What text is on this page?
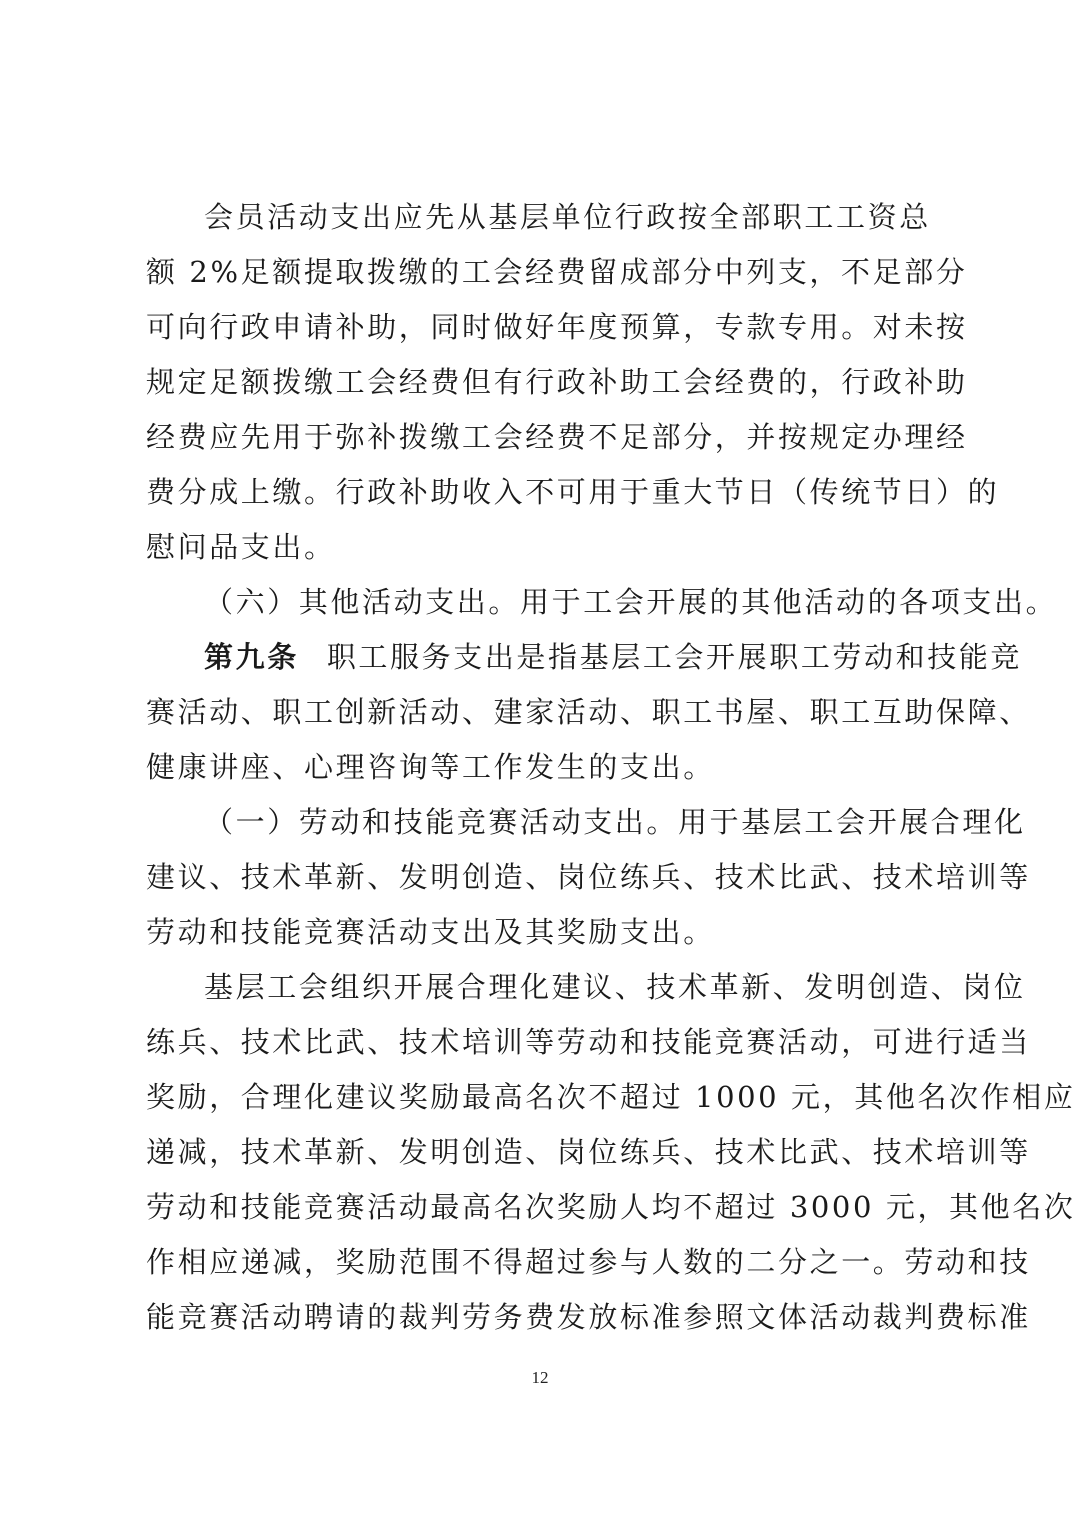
会员活动支出应先从基层单位行政按全部职工工资总
额 2%足额提取拨缴的工会经费留成部分中列支，不足部分
可向行政申请补助，同时做好年度预算，专款专用。对未按
规定足额拨缴工会经费但有行政补助工会经费的，行政补助
经费应先用于弥补拨缴工会经费不足部分，并按规定办理经
费分成上缴。行政补助收入不可用于重大节日（传统节日）的
慰问品支出。
（六）其他活动支出。用于工会开展的其他活动的各项支出。
第九条 职工服务支出是指基层工会开展职工劳动和技能竞
赛活动、职工创新活动、建家活动、职工书屋、职工互助保障、
健康讲座、心理咨询等工作发生的支出。
（一）劳动和技能竞赛活动支出。用于基层工会开展合理化
建议、技术革新、发明创造、岗位练兵、技术比武、技术培训等
劳动和技能竞赛活动支出及其奖励支出。
基层工会组织开展合理化建议、技术革新、发明创造、岗位
练兵、技术比武、技术培训等劳动和技能竞赛活动，可进行适当
奖励，合理化建议奖励最高名次不超过 1000 元，其他名次作相应
递减，技术革新、发明创造、岗位练兵、技术比武、技术培训等
劳动和技能竞赛活动最高名次奖励人均不超过 3000 元，其他名次
作相应递减，奖励范围不得超过参与人数的二分之一。劳动和技
能竞赛活动聘请的裁判劳务费发放标准参照文体活动裁判费标准
12
